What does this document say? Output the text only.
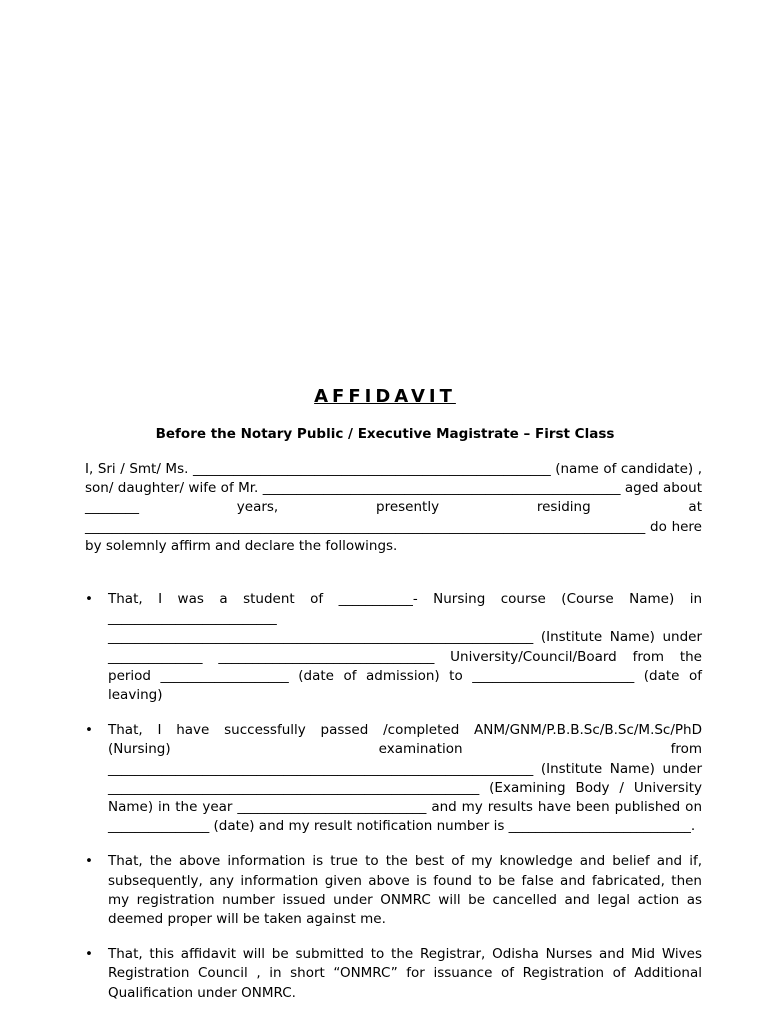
AFFIDAVIT
Before the Notary Public / Executive Magistrate – First Class

I, Sri / Smt/ Ms. _____________________________________________________ (name of candidate) , son/ daughter/ wife of Mr. _____________________________________________________ aged about ________ years, presently residing at ___________________________________________________________________________________ do here by solemnly affirm and declare the followings.

• That, I was a student of ___________- Nursing course (Course Name) in _________________________ _______________________________________________________________ (Institute Name) under ______________ ________________________________ University/Council/Board from the period ___________________ (date of admission) to ________________________ (date of leaving)
• That, I have successfully passed /completed ANM/GNM/P.B.B.Sc/B.Sc/M.Sc/PhD (Nursing) examination from _______________________________________________________________ (Institute Name) under _______________________________________________________ (Examining Body / University Name) in the year ____________________________ and my results have been published on _______________ (date) and my result notification number is ___________________________.
• That, the above information is true to the best of my knowledge and belief and if, subsequently, any information given above is found to be false and fabricated, then my registration number issued under ONMRC will be cancelled and legal action as deemed proper will be taken against me.
• That, this affidavit will be submitted to the Registrar, Odisha Nurses and Mid Wives Registration Council , in short “ONMRC” for issuance of Registration of Additional Qualification under ONMRC.
